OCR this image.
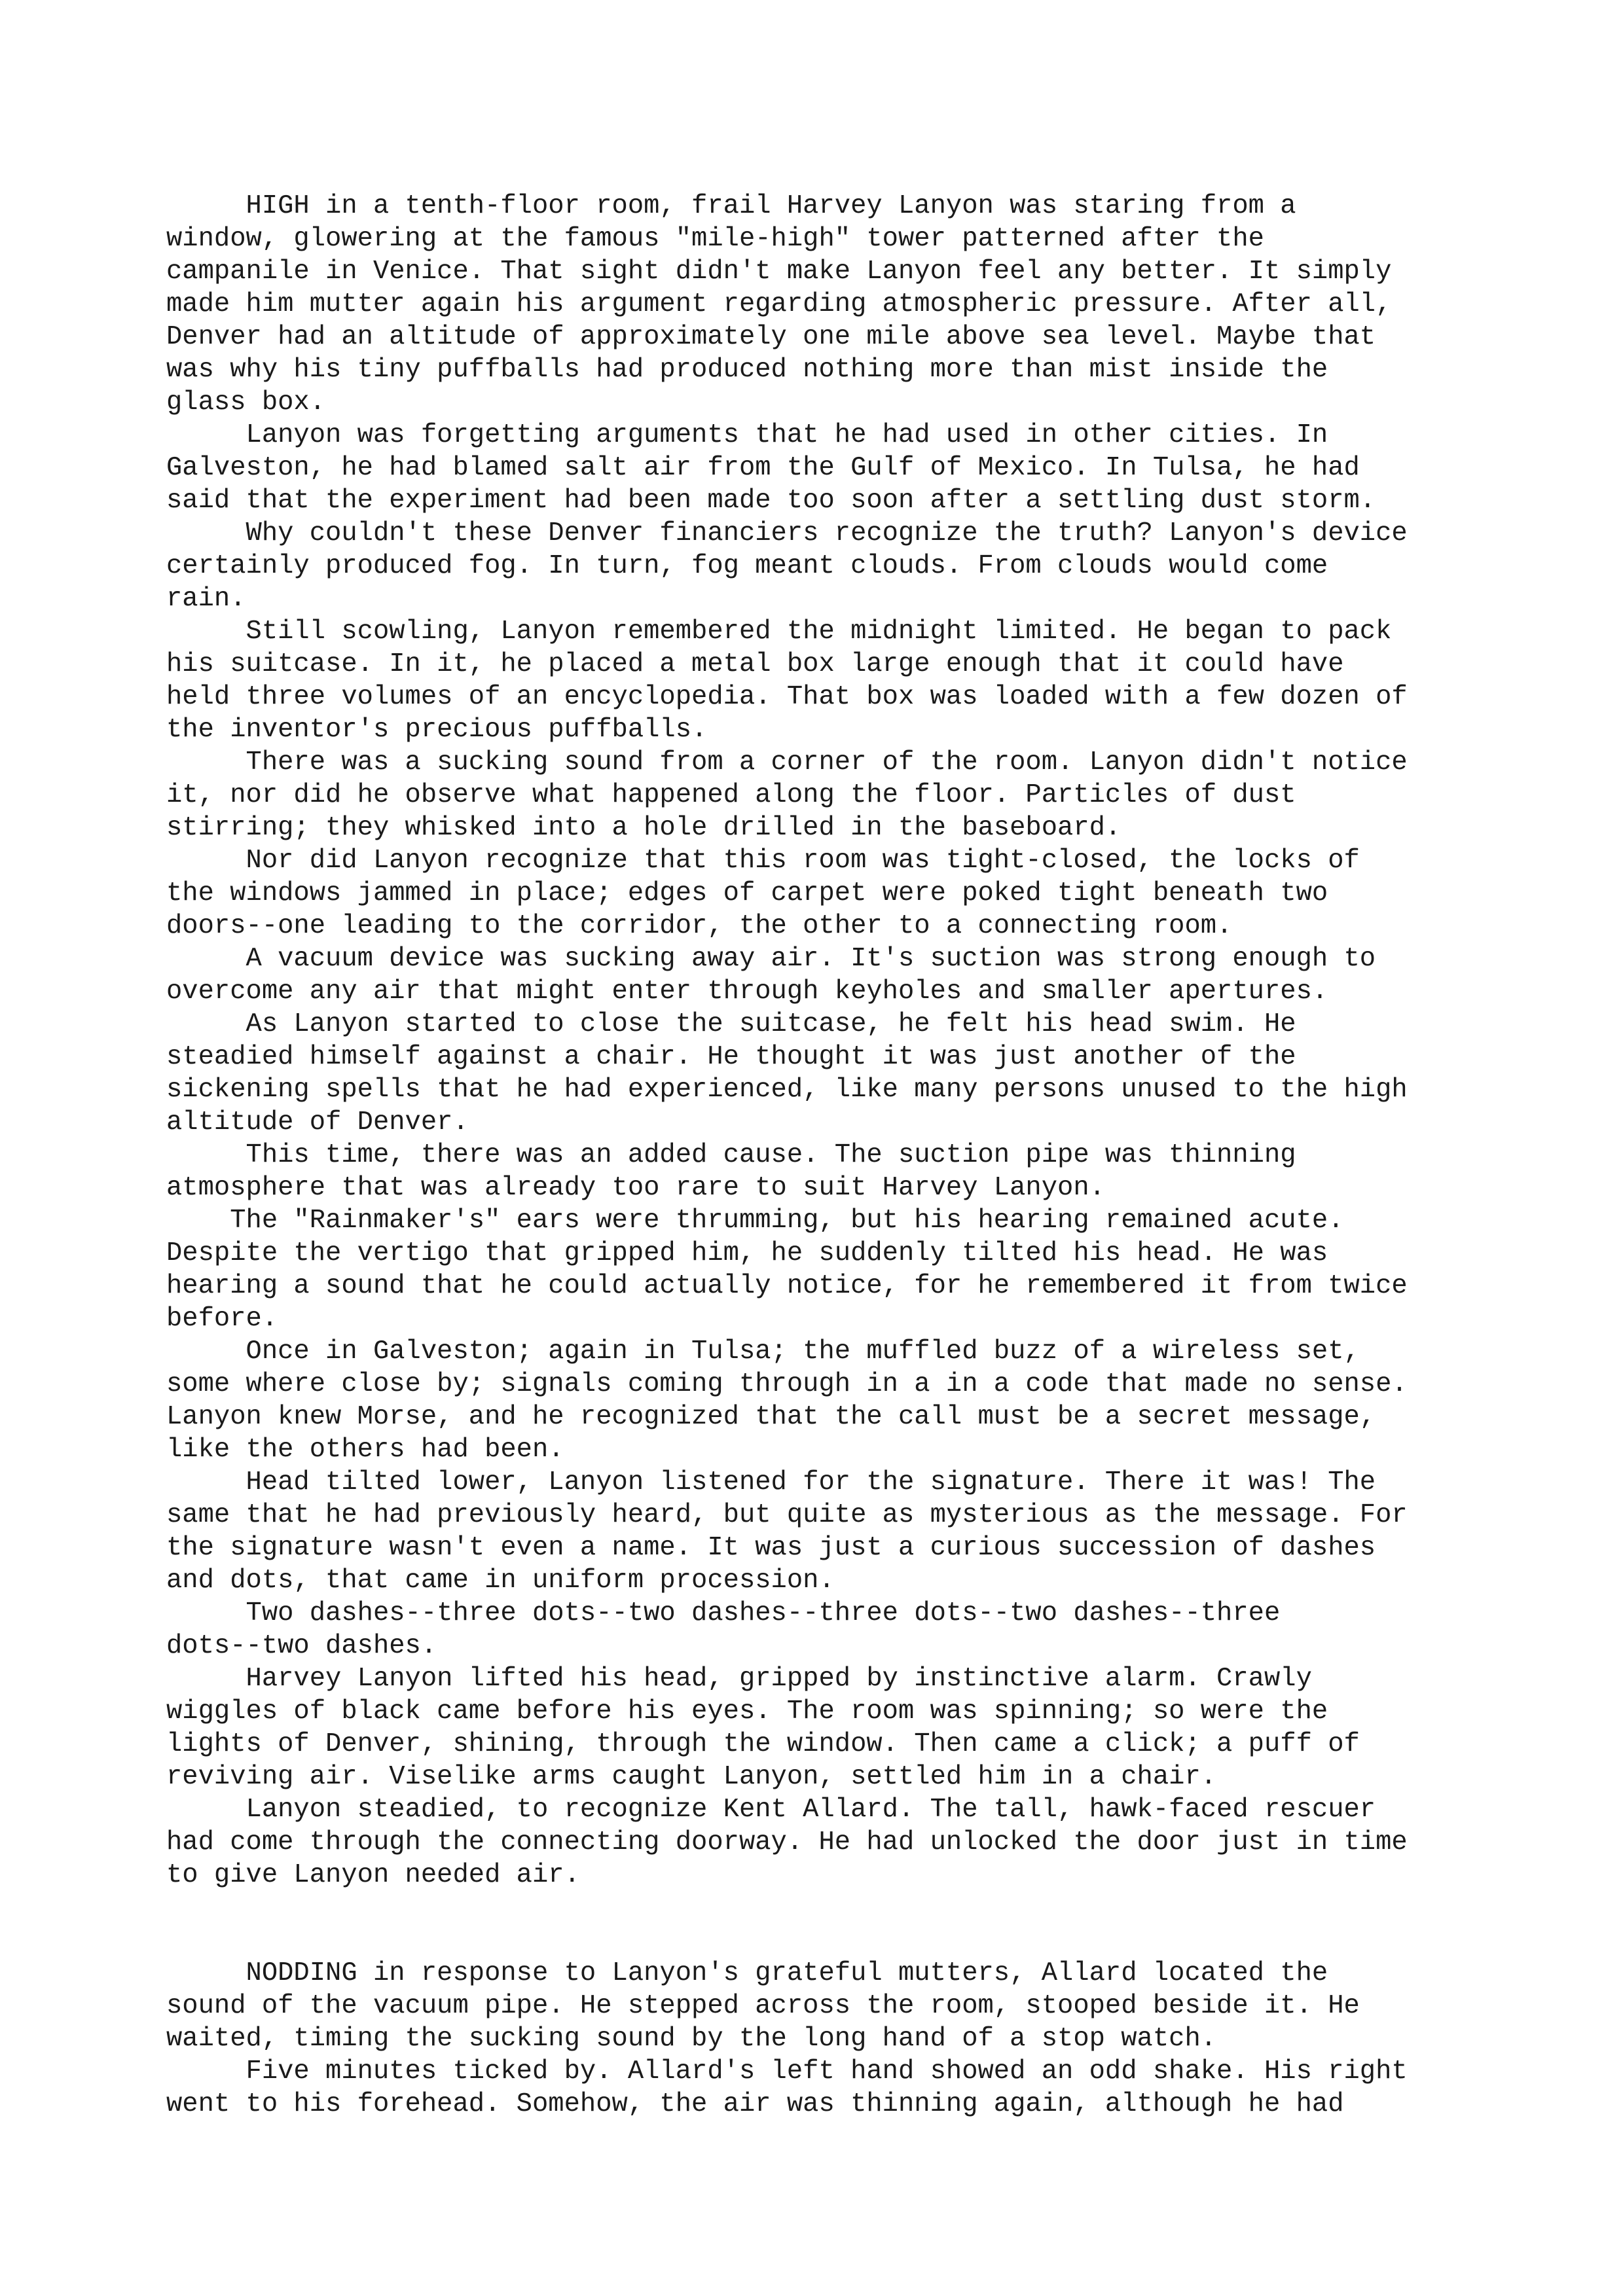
HIGH in a tenth-floor room, frail Harvey Lanyon was staring from a
window, glowering at the famous "mile-high" tower patterned after the
campanile in Venice. That sight didn't make Lanyon feel any better. It simply
made him mutter again his argument regarding atmospheric pressure. After all,
Denver had an altitude of approximately one mile above sea level. Maybe that
was why his tiny puffballs had produced nothing more than mist inside the
glass box.
Lanyon was forgetting arguments that he had used in other cities. In
Galveston, he had blamed salt air from the Gulf of Mexico. In Tulsa, he had
said that the experiment had been made too soon after a settling dust storm.
Why couldn't these Denver financiers recognize the truth? Lanyon's device
certainly produced fog. In turn, fog meant clouds. From clouds would come
rain.
Still scowling, Lanyon remembered the midnight limited. He began to pack
his suitcase. In it, he placed a metal box large enough that it could have
held three volumes of an encyclopedia. That box was loaded with a few dozen of
the inventor's precious puffballs.
There was a sucking sound from a corner of the room. Lanyon didn't notice
it, nor did he observe what happened along the floor. Particles of dust
stirring; they whisked into a hole drilled in the baseboard.
Nor did Lanyon recognize that this room was tight-closed, the locks of
the windows jammed in place; edges of carpet were poked tight beneath two
doors--one leading to the corridor, the other to a connecting room.
A vacuum device was sucking away air. It's suction was strong enough to
overcome any air that might enter through keyholes and smaller apertures.
As Lanyon started to close the suitcase, he felt his head swim. He
steadied himself against a chair. He thought it was just another of the
sickening spells that he had experienced, like many persons unused to the high
altitude of Denver.
This time, there was an added cause. The suction pipe was thinning
atmosphere that was already too rare to suit Harvey Lanyon.
The "Rainmaker's" ears were thrumming, but his hearing remained acute.
Despite the vertigo that gripped him, he suddenly tilted his head. He was
hearing a sound that he could actually notice, for he remembered it from twice
before.
Once in Galveston; again in Tulsa; the muffled buzz of a wireless set,
some where close by; signals coming through in a in a code that made no sense.
Lanyon knew Morse, and he recognized that the call must be a secret message,
like the others had been.
Head tilted lower, Lanyon listened for the signature. There it was! The
same that he had previously heard, but quite as mysterious as the message. For
the signature wasn't even a name. It was just a curious succession of dashes
and dots, that came in uniform procession.
Two dashes--three dots--two dashes--three dots--two dashes--three
dots--two dashes.
Harvey Lanyon lifted his head, gripped by instinctive alarm. Crawly
wiggles of black came before his eyes. The room was spinning; so were the
lights of Denver, shining, through the window. Then came a click; a puff of
reviving air. Viselike arms caught Lanyon, settled him in a chair.
Lanyon steadied, to recognize Kent Allard. The tall, hawk-faced rescuer
had come through the connecting doorway. He had unlocked the door just in time
to give Lanyon needed air.
NODDING in response to Lanyon's grateful mutters, Allard located the
sound of the vacuum pipe. He stepped across the room, stooped beside it. He
waited, timing the sucking sound by the long hand of a stop watch.
Five minutes ticked by. Allard's left hand showed an odd shake. His right
went to his forehead. Somehow, the air was thinning again, although he had
